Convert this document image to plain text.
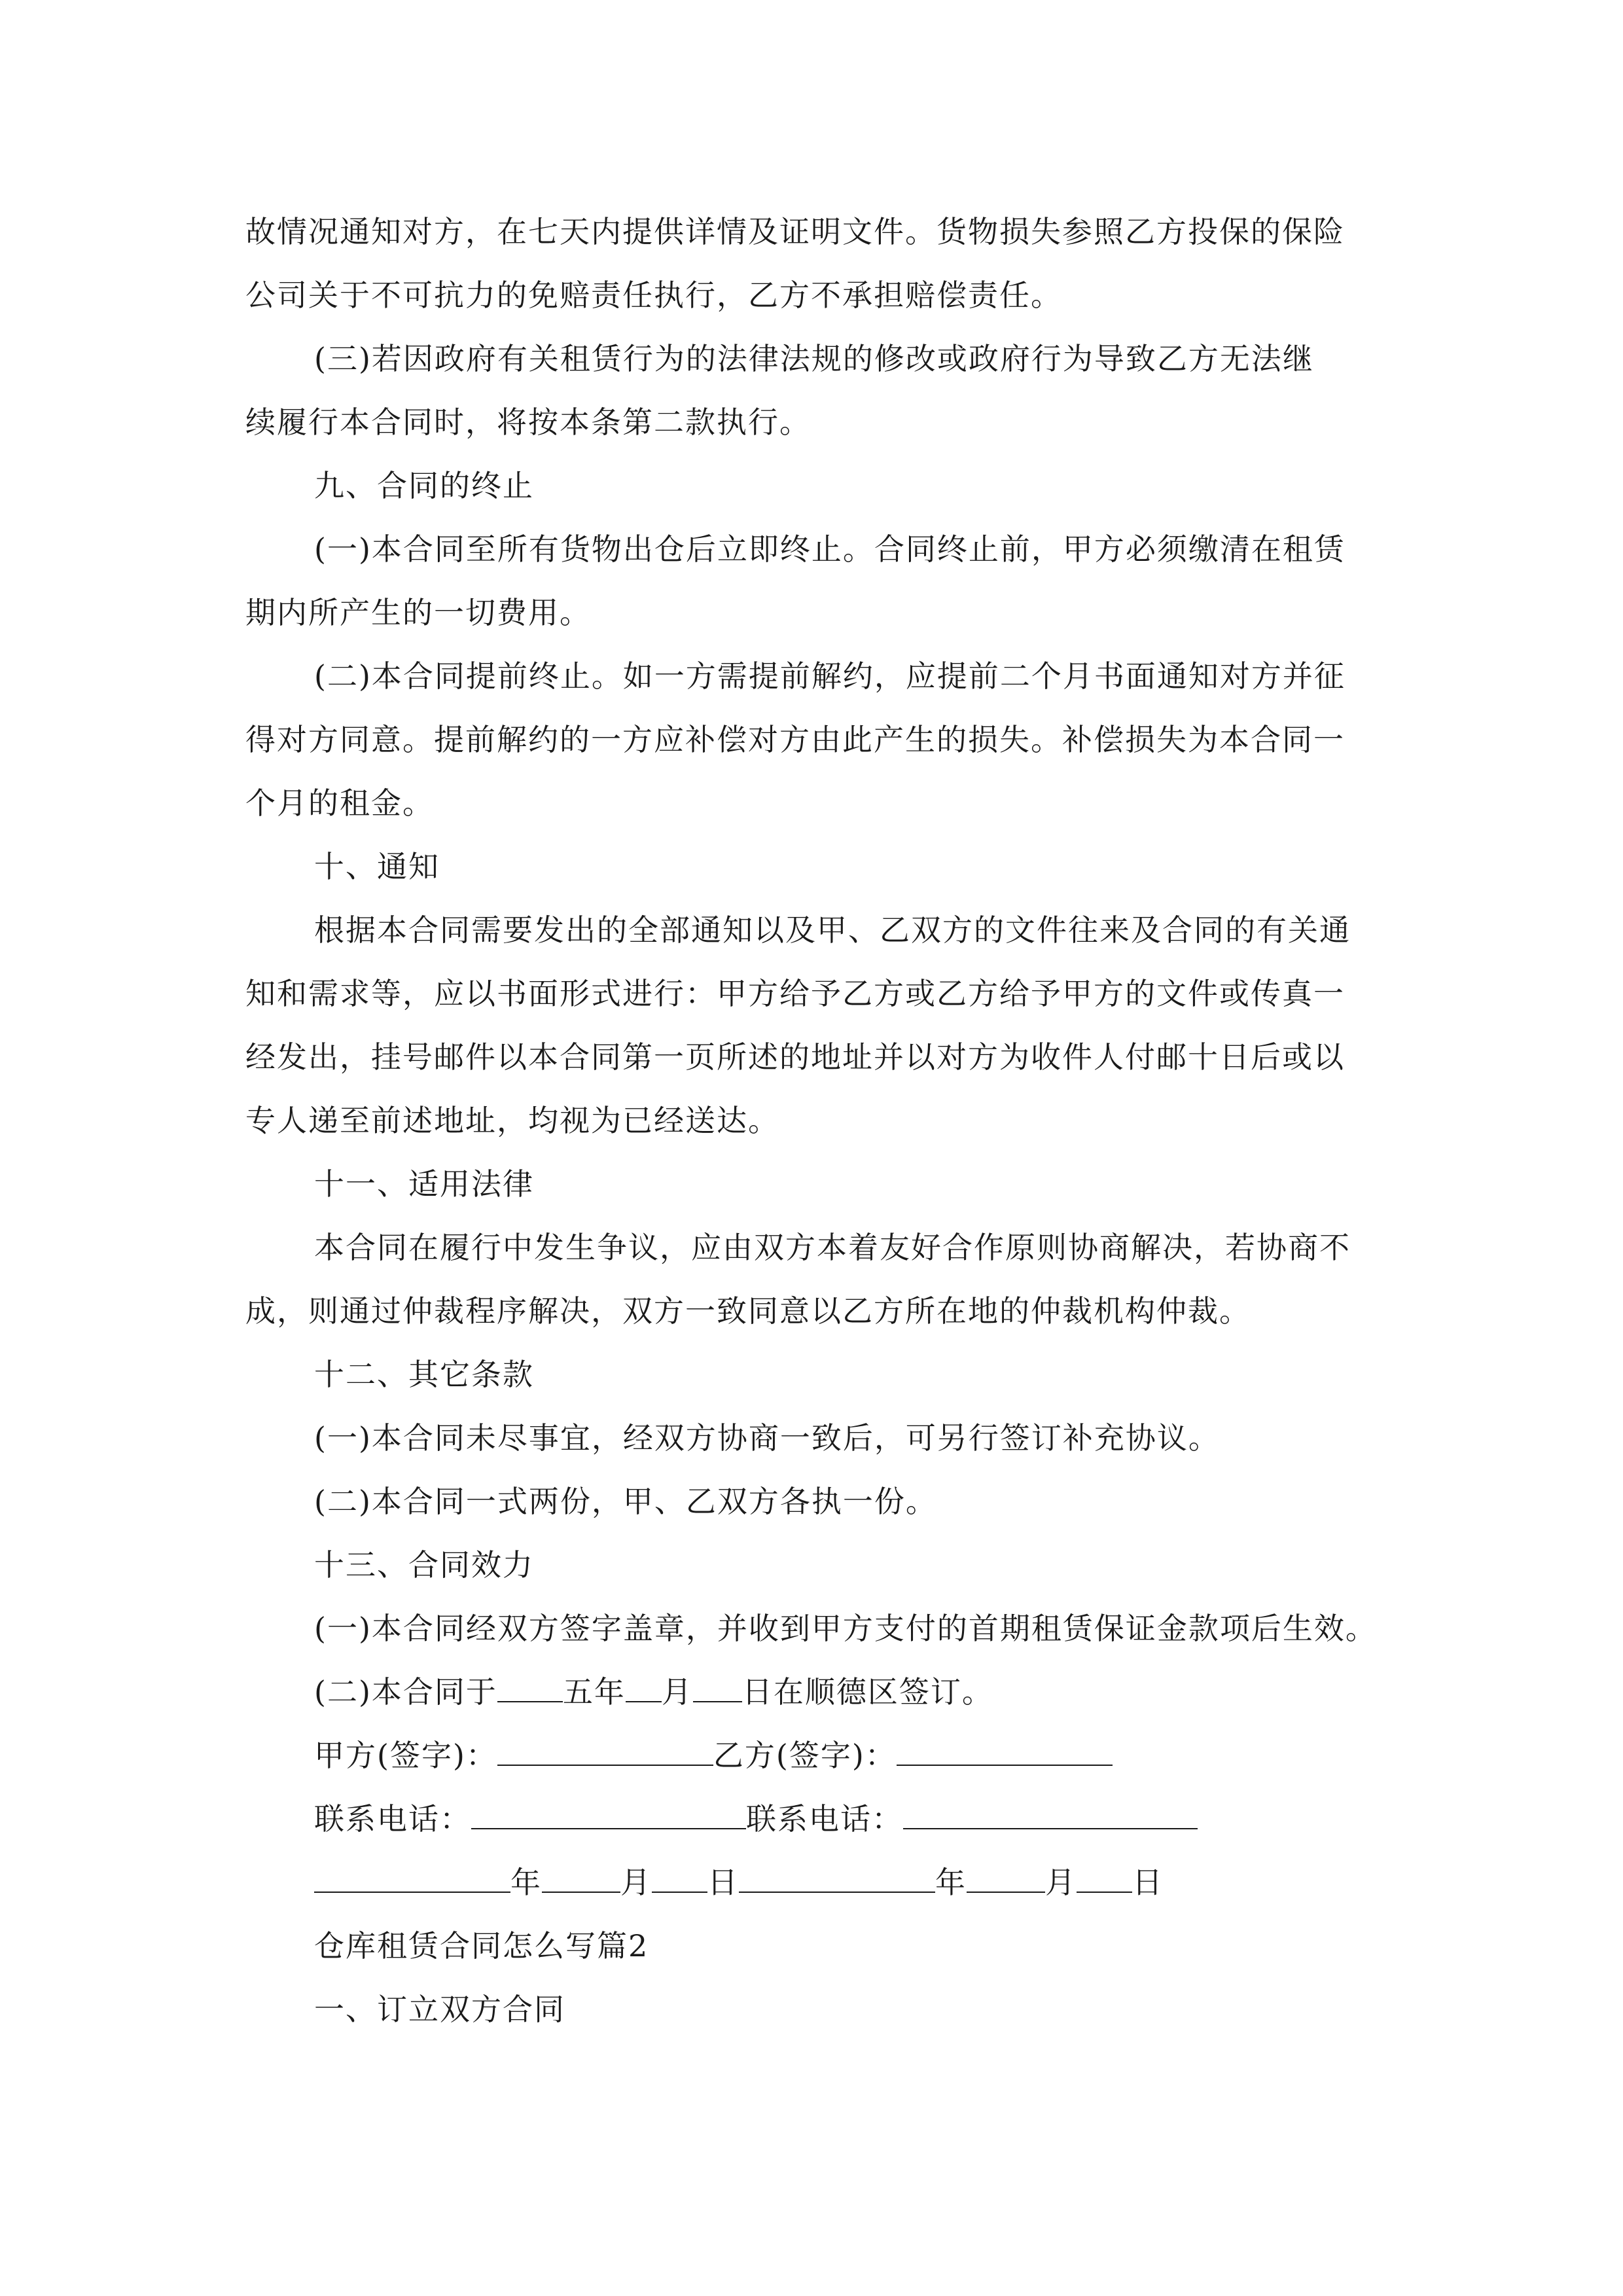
故情况通知对方，在七天内提供详情及证明文件。货物损失参照乙方投保的保险

公司关于不可抗力的免赔责任执行，乙方不承担赔偿责任。

(三)若因政府有关租赁行为的法律法规的修改或政府行为导致乙方无法继

续履行本合同时，将按本条第二款执行。

九、合同的终止

(一)本合同至所有货物出仓后立即终止。合同终止前，甲方必须缴清在租赁

期内所产生的一切费用。

(二)本合同提前终止。如一方需提前解约，应提前二个月书面通知对方并征

得对方同意。提前解约的一方应补偿对方由此产生的损失。补偿损失为本合同一

个月的租金。

十、通知

根据本合同需要发出的全部通知以及甲、乙双方的文件往来及合同的有关通

知和需求等，应以书面形式进行：甲方给予乙方或乙方给予甲方的文件或传真一

经发出，挂号邮件以本合同第一页所述的地址并以对方为收件人付邮十日后或以

专人递至前述地址，均视为已经送达。

十一、适用法律

本合同在履行中发生争议，应由双方本着友好合作原则协商解决，若协商不

成，则通过仲裁程序解决，双方一致同意以乙方所在地的仲裁机构仲裁。

十二、其它条款

(一)本合同未尽事宜，经双方协商一致后，可另行签订补充协议。

(二)本合同一式两份，甲、乙双方各执一份。

十三、合同效力

(一)本合同经双方签字盖章，并收到甲方支付的首期租赁保证金款项后生效。

(二)本合同于 五年 月 日在顺德区签订。

甲方(签字)：	乙方(签字)：

联系电话：	联系电话：

年	月 日	年	月 日

仓库租赁合同怎么写篇2

一、订立双方合同
